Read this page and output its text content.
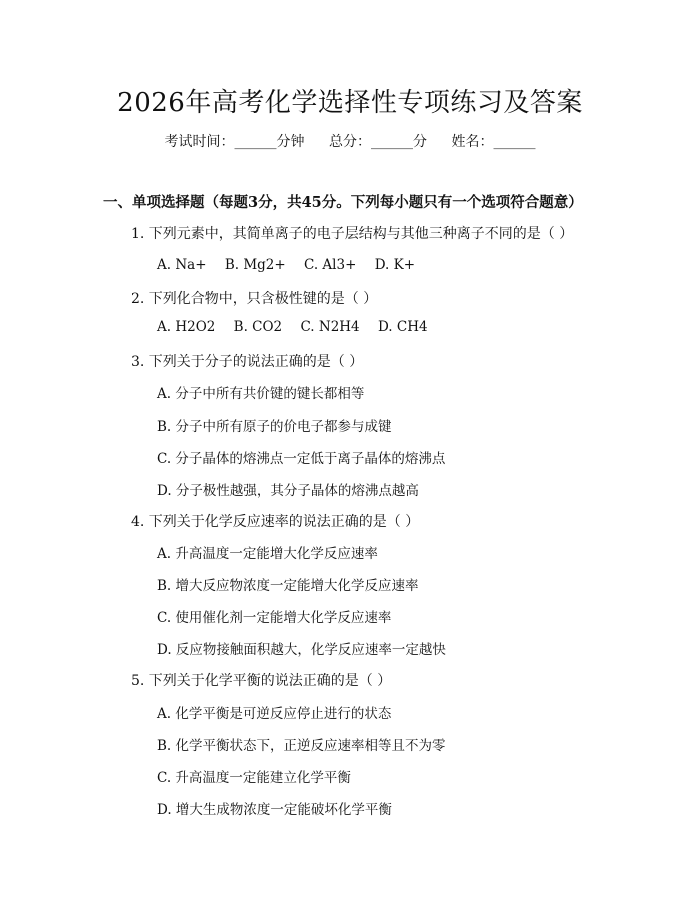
2026年高考化学选择性专项练习及答案
考试时间：______分钟 总分：______分 姓名：______
一、单项选择题（每题3分，共45分。下列每小题只有一个选项符合题意）
1. 下列元素中，其简单离子的电子层结构与其他三种离子不同的是（ ）
A. Na+ B. Mg2+ C. Al3+ D. K+
2. 下列化合物中，只含极性键的是（ ）
A. H2O2 B. CO2 C. N2H4 D. CH4
3. 下列关于分子的说法正确的是（ ）
A. 分子中所有共价键的键长都相等
B. 分子中所有原子的价电子都参与成键
C. 分子晶体的熔沸点一定低于离子晶体的熔沸点
D. 分子极性越强，其分子晶体的熔沸点越高
4. 下列关于化学反应速率的说法正确的是（ ）
A. 升高温度一定能增大化学反应速率
B. 增大反应物浓度一定能增大化学反应速率
C. 使用催化剂一定能增大化学反应速率
D. 反应物接触面积越大，化学反应速率一定越快
5. 下列关于化学平衡的说法正确的是（ ）
A. 化学平衡是可逆反应停止进行的状态
B. 化学平衡状态下，正逆反应速率相等且不为零
C. 升高温度一定能建立化学平衡
D. 增大生成物浓度一定能破坏化学平衡
